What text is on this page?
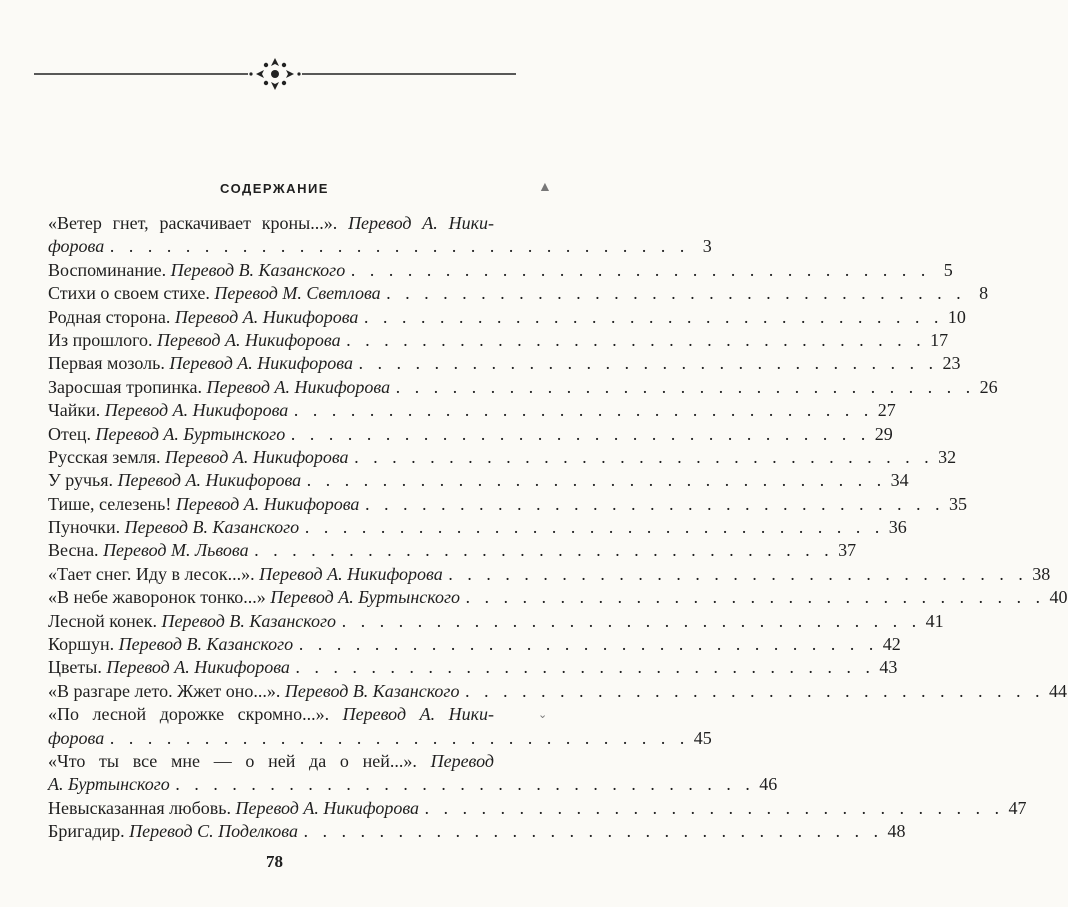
СОДЕРЖАНИЕ
«Ветер гнет, раскачивает кроны...». Перевод А. Ники-
форова . . . . . . . . . . . . . . . . . . . . . . . . . . . . . . . 3
Воспоминание. Перевод В. Казанского . . . . . . . . . . . . . . . . . . . . . . . . . . . . . . . 5
Стихи о своем стихе. Перевод М. Светлова . . . . . . . . . . . . . . . . . . . . . . . . . . . . . . . 8
Родная сторона. Перевод А. Никифорова . . . . . . . . . . . . . . . . . . . . . . . . . . . . . . . 10
Из прошлого. Перевод А. Никифорова . . . . . . . . . . . . . . . . . . . . . . . . . . . . . . . 17
Первая мозоль. Перевод А. Никифорова . . . . . . . . . . . . . . . . . . . . . . . . . . . . . . . 23
Заросшая тропинка. Перевод А. Никифорова . . . . . . . . . . . . . . . . . . . . . . . . . . . . . . . 26
Чайки. Перевод А. Никифорова . . . . . . . . . . . . . . . . . . . . . . . . . . . . . . . 27
Отец. Перевод А. Буртынского . . . . . . . . . . . . . . . . . . . . . . . . . . . . . . . 29
Русская земля. Перевод А. Никифорова . . . . . . . . . . . . . . . . . . . . . . . . . . . . . . . 32
У ручья. Перевод А. Никифорова . . . . . . . . . . . . . . . . . . . . . . . . . . . . . . . 34
Тише, селезень! Перевод А. Никифорова . . . . . . . . . . . . . . . . . . . . . . . . . . . . . . . 35
Пуночки. Перевод В. Казанского . . . . . . . . . . . . . . . . . . . . . . . . . . . . . . . 36
Весна. Перевод М. Львова . . . . . . . . . . . . . . . . . . . . . . . . . . . . . . . 37
«Тает снег. Иду в лесок...». Перевод А. Никифорова . . . . . . . . . . . . . . . . . . . . . . . . . . . . . . . 38
«В небе жаворонок тонко...» Перевод А. Буртынского . . . . . . . . . . . . . . . . . . . . . . . . . . . . . . . 40
Лесной конек. Перевод В. Казанского . . . . . . . . . . . . . . . . . . . . . . . . . . . . . . . 41
Коршун. Перевод В. Казанского . . . . . . . . . . . . . . . . . . . . . . . . . . . . . . . 42
Цветы. Перевод А. Никифорова . . . . . . . . . . . . . . . . . . . . . . . . . . . . . . . 43
«В разгаре лето. Жжет оно...». Перевод В. Казанского . . . . . . . . . . . . . . . . . . . . . . . . . . . . . . . 44
«По лесной дорожке скромно...». Перевод А. Ники-
форова . . . . . . . . . . . . . . . . . . . . . . . . . . . . . . . 45
«Что ты все мне — о ней да о ней...». Перевод
А. Буртынского . . . . . . . . . . . . . . . . . . . . . . . . . . . . . . . 46
Невысказанная любовь. Перевод А. Никифорова . . . . . . . . . . . . . . . . . . . . . . . . . . . . . . . 47
Бригадир. Перевод С. Поделкова . . . . . . . . . . . . . . . . . . . . . . . . . . . . . . . 48
78
▲
⌄
